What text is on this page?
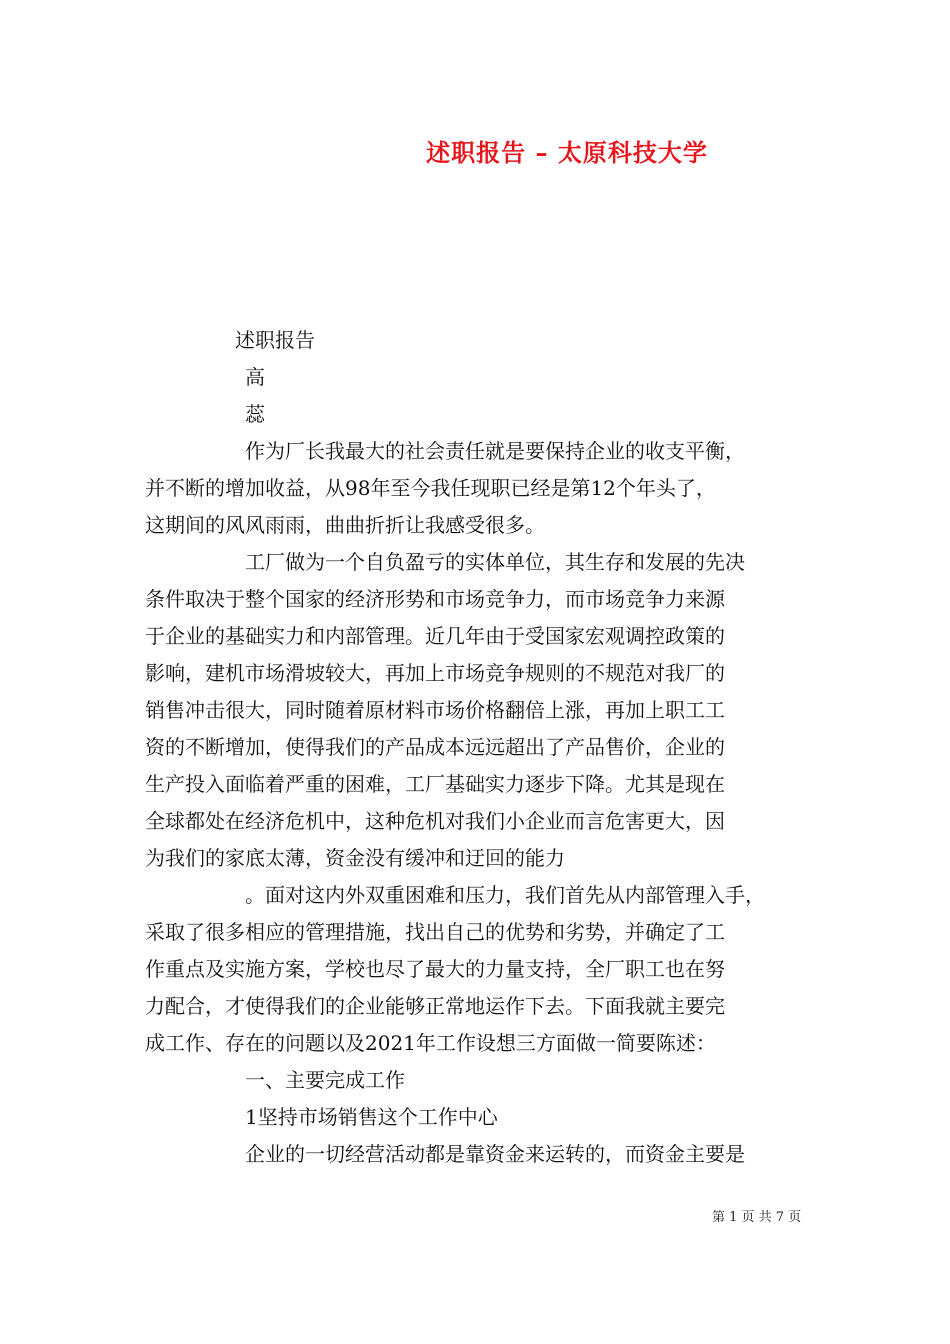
述职报告 – 太原科技大学
述职报告
高
蕊
作为厂长我最大的社会责任就是要保持企业的收支平衡，
并不断的增加收益，从98年至今我任现职已经是第12个年头了，
这期间的风风雨雨，曲曲折折让我感受很多。
工厂做为一个自负盈亏的实体单位，其生存和发展的先决
条件取决于整个国家的经济形势和市场竞争力，而市场竞争力来源
于企业的基础实力和内部管理。近几年由于受国家宏观调控政策的
影响，建机市场滑坡较大，再加上市场竞争规则的不规范对我厂的
销售冲击很大，同时随着原材料市场价格翻倍上涨，再加上职工工
资的不断增加，使得我们的产品成本远远超出了产品售价，企业的
生产投入面临着严重的困难，工厂基础实力逐步下降。尤其是现在
全球都处在经济危机中，这种危机对我们小企业而言危害更大，因
为我们的家底太薄，资金没有缓冲和迂回的能力
。面对这内外双重困难和压力，我们首先从内部管理入手，
采取了很多相应的管理措施，找出自己的优势和劣势，并确定了工
作重点及实施方案，学校也尽了最大的力量支持，全厂职工也在努
力配合，才使得我们的企业能够正常地运作下去。下面我就主要完
成工作、存在的问题以及2021年工作设想三方面做一简要陈述：
一、主要完成工作
1坚持市场销售这个工作中心
企业的一切经营活动都是靠资金来运转的，而资金主要是
第 1 页 共 7 页
